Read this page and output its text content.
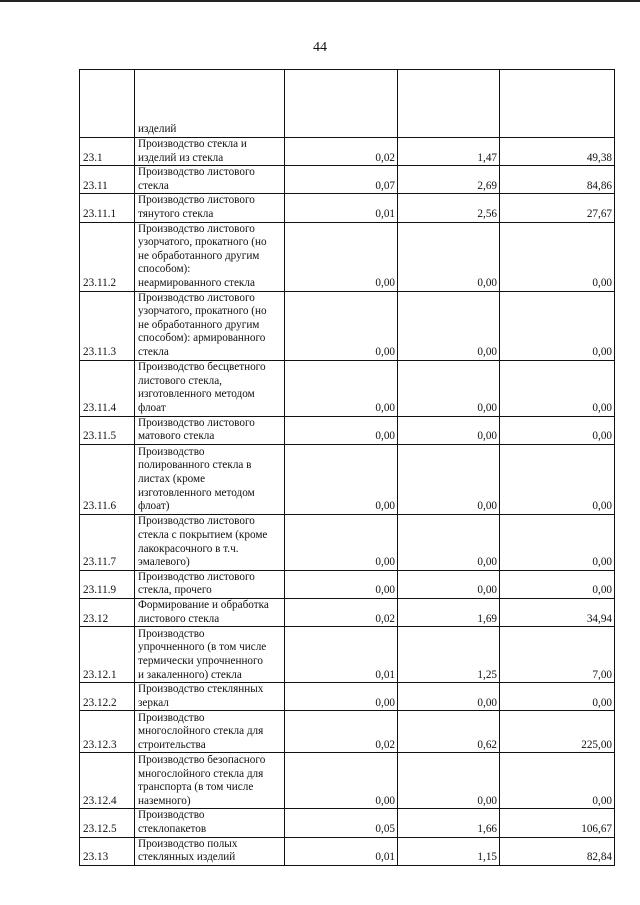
44
	изделий			
23.1	Производство стекла и
изделий из стекла	0,02	1,47	49,38
23.11	Производство листового
стекла	0,07	2,69	84,86
23.11.1	Производство листового
тянутого стекла	0,01	2,56	27,67
23.11.2	Производство листового
узорчатого, прокатного (но
не обработанного другим
способом):
неармированного стекла	0,00	0,00	0,00
23.11.3	Производство листового
узорчатого, прокатного (но
не обработанного другим
способом): армированного
стекла	0,00	0,00	0,00
23.11.4	Производство бесцветного
листового стекла,
изготовленного методом
флоат	0,00	0,00	0,00
23.11.5	Производство листового
матового стекла	0,00	0,00	0,00
23.11.6	Производство
полированного стекла в
листах (кроме
изготовленного методом
флоат)	0,00	0,00	0,00
23.11.7	Производство листового
стекла с покрытием (кроме
лакокрасочного в т.ч.
эмалевого)	0,00	0,00	0,00
23.11.9	Производство листового
стекла, прочего	0,00	0,00	0,00
23.12	Формирование и обработка
листового стекла	0,02	1,69	34,94
23.12.1	Производство
упрочненного (в том числе
термически упрочненного
и закаленного) стекла	0,01	1,25	7,00
23.12.2	Производство стеклянных
зеркал	0,00	0,00	0,00
23.12.3	Производство
многослойного стекла для
строительства	0,02	0,62	225,00
23.12.4	Производство безопасного
многослойного стекла для
транспорта (в том числе
наземного)	0,00	0,00	0,00
23.12.5	Производство
стеклопакетов	0,05	1,66	106,67
23.13	Производство полых
стеклянных изделий	0,01	1,15	82,84
